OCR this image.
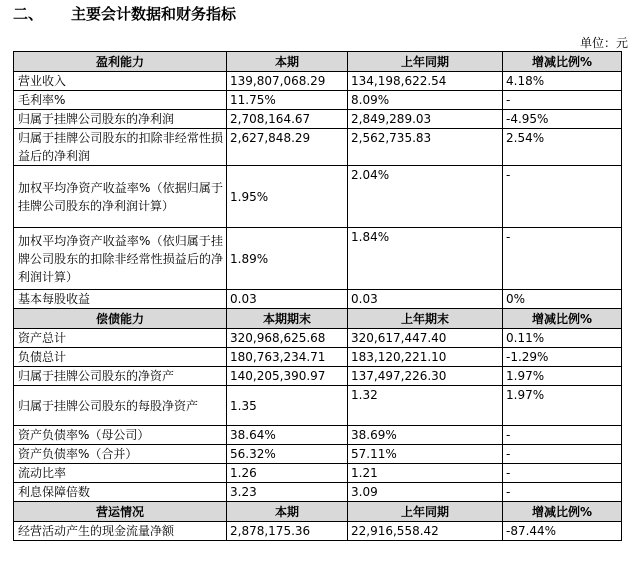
二、 主要会计数据和财务指标
单位：元
盈利能力	本期	上年同期	增减比例%
营业收入	139,807,068.29	134,198,622.54	4.18%
毛利率%	11.75%	8.09%	-
归属于挂牌公司股东的净利润	2,708,164.67	2,849,289.03	-4.95%
归属于挂牌公司股东的扣除非经常性损益后的净利润	2,627,848.29	2,562,735.83	2.54%
加权平均净资产收益率%（依据归属于挂牌公司股东的净利润计算）	1.95%	2.04%	-
加权平均净资产收益率%（依归属于挂牌公司股东的扣除非经常性损益后的净利润计算）	1.89%	1.84%	-
基本每股收益	0.03	0.03	0%
偿债能力	本期期末	上年期末	增减比例%
资产总计	320,968,625.68	320,617,447.40	0.11%
负债总计	180,763,234.71	183,120,221.10	-1.29%
归属于挂牌公司股东的净资产	140,205,390.97	137,497,226.30	1.97%
归属于挂牌公司股东的每股净资产	1.35	1.32	1.97%
资产负债率%（母公司）	38.64%	38.69%	-
资产负债率%（合并）	56.32%	57.11%	-
流动比率	1.26	1.21	-
利息保障倍数	3.23	3.09	-
营运情况	本期	上年同期	增减比例%
经营活动产生的现金流量净额	2,878,175.36	22,916,558.42	-87.44%
